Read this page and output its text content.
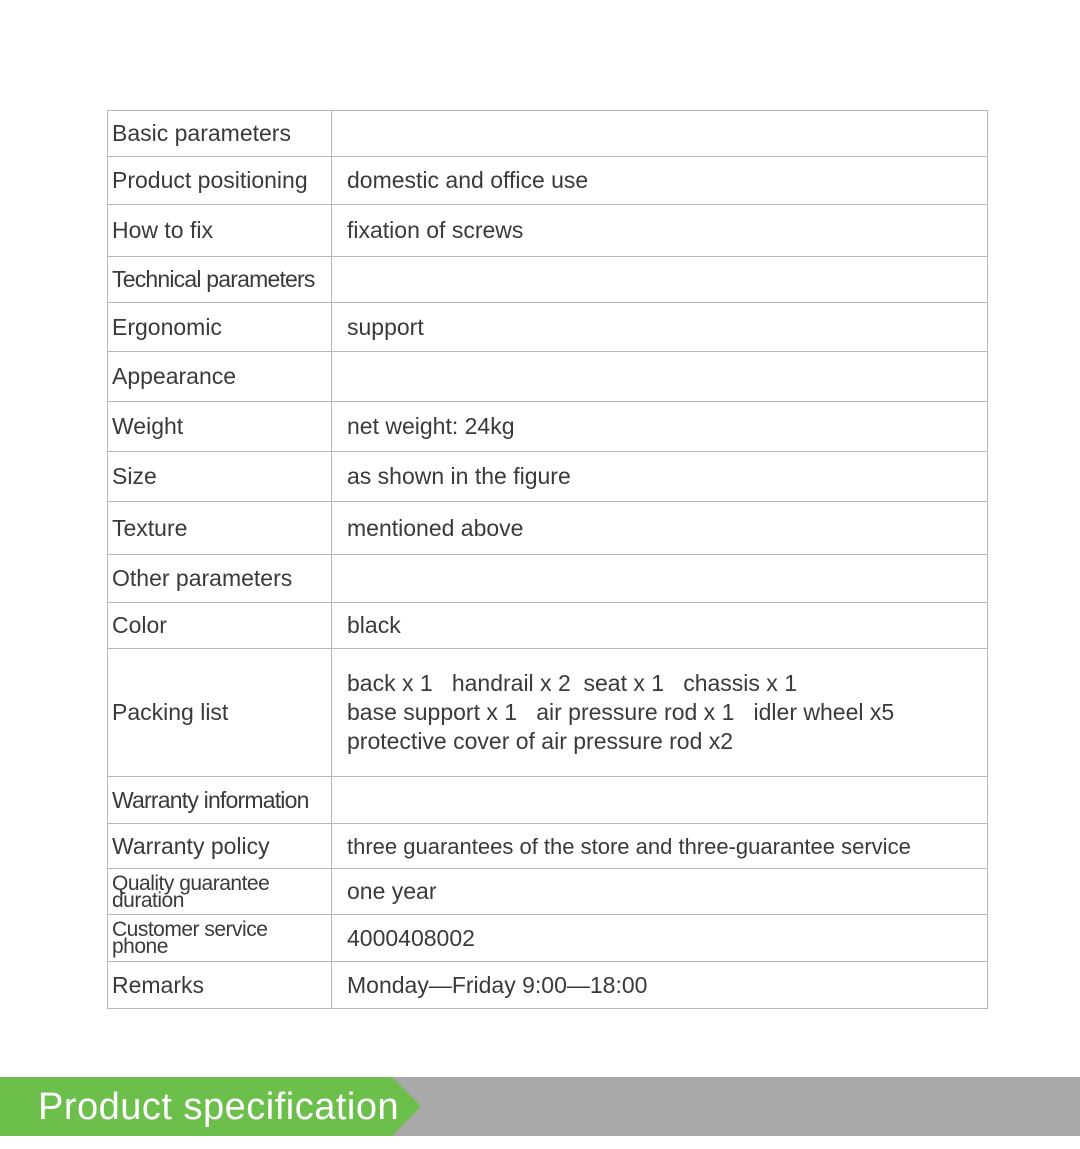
Basic parameters	
Product positioning	domestic and office use
How to fix	fixation of screws
Technical parameters	
Ergonomic	support
Appearance	
Weight	net weight: 24kg
Size	as shown in the figure
Texture	mentioned above
Other parameters	
Color	black
Packing list	back x 1   handrail x 2  seat x 1   chassis x 1
base support x 1   air pressure rod x 1   idler wheel x5
protective cover of air pressure rod x2

Warranty information	
Warranty policy	three guarantees of the store and three-guarantee service
Quality guarantee duration	one year
Customer service phone	4000408002
Remarks	Monday—Friday 9:00—18:00
Product specification
